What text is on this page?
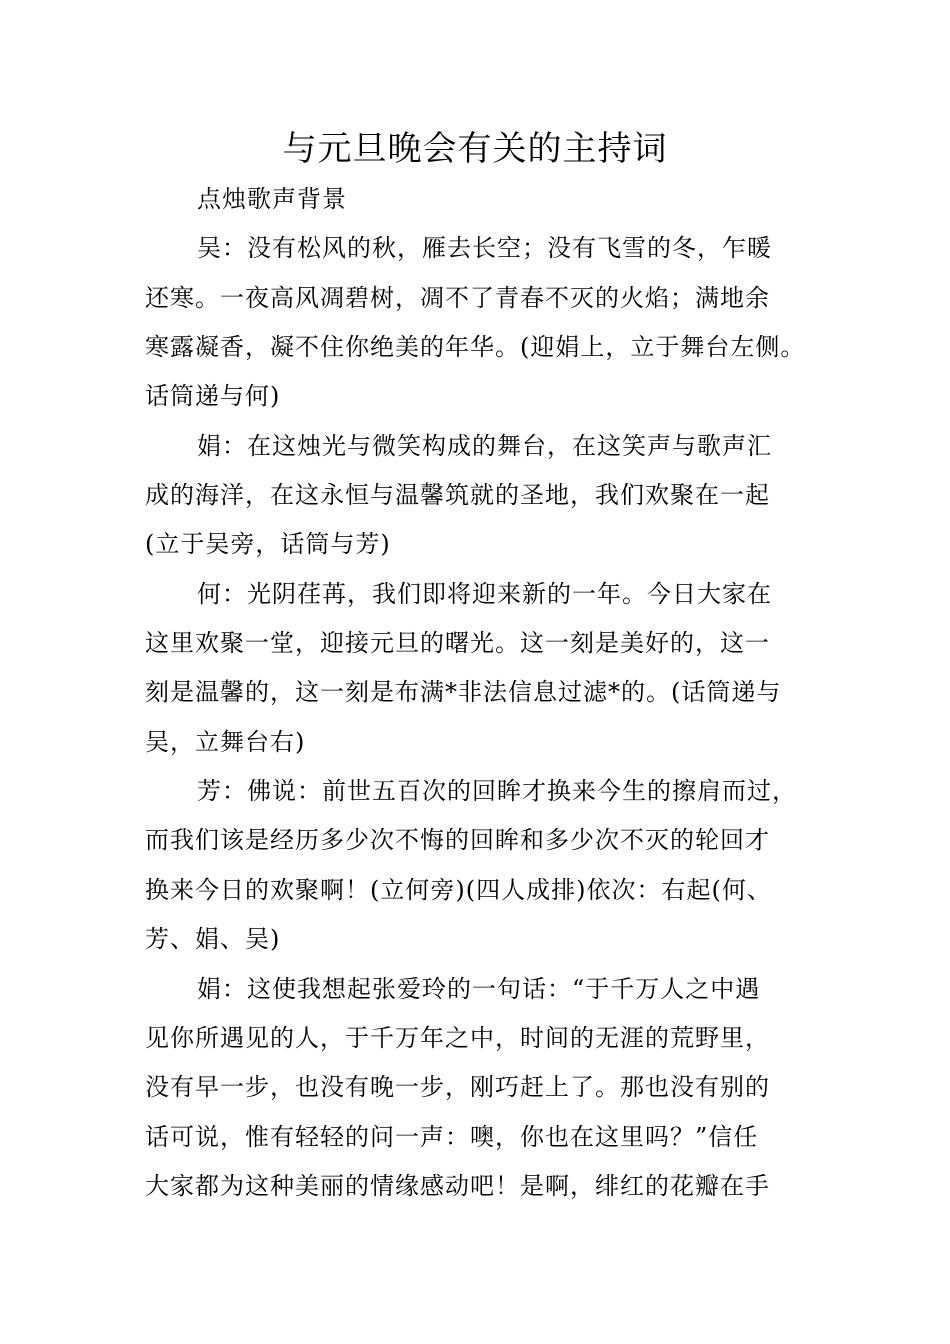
与元旦晚会有关的主持词
点烛歌声背景
吴：没有松风的秋，雁去长空；没有飞雪的冬，乍暖
还寒。一夜高风凋碧树，凋不了青春不灭的火焰；满地余
寒露凝香，凝不住你绝美的年华。(迎娟上，立于舞台左侧。
话筒递与何)
娟：在这烛光与微笑构成的舞台，在这笑声与歌声汇
成的海洋，在这永恒与温馨筑就的圣地，我们欢聚在一起
(立于吴旁，话筒与芳)
何：光阴荏苒，我们即将迎来新的一年。今日大家在
这里欢聚一堂，迎接元旦的曙光。这一刻是美好的，这一
刻是温馨的，这一刻是布满*非法信息过滤*的。(话筒递与
吴，立舞台右)
芳：佛说：前世五百次的回眸才换来今生的擦肩而过，
而我们该是经历多少次不悔的回眸和多少次不灭的轮回才
换来今日的欢聚啊！(立何旁)(四人成排)依次：右起(何、
芳、娟、吴)
娟：这使我想起张爱玲的一句话：“于千万人之中遇
见你所遇见的人，于千万年之中，时间的无涯的荒野里，
没有早一步，也没有晚一步，刚巧赶上了。那也没有别的
话可说，惟有轻轻的问一声：噢，你也在这里吗？”信任
大家都为这种美丽的情缘感动吧！是啊，绯红的花瓣在手
